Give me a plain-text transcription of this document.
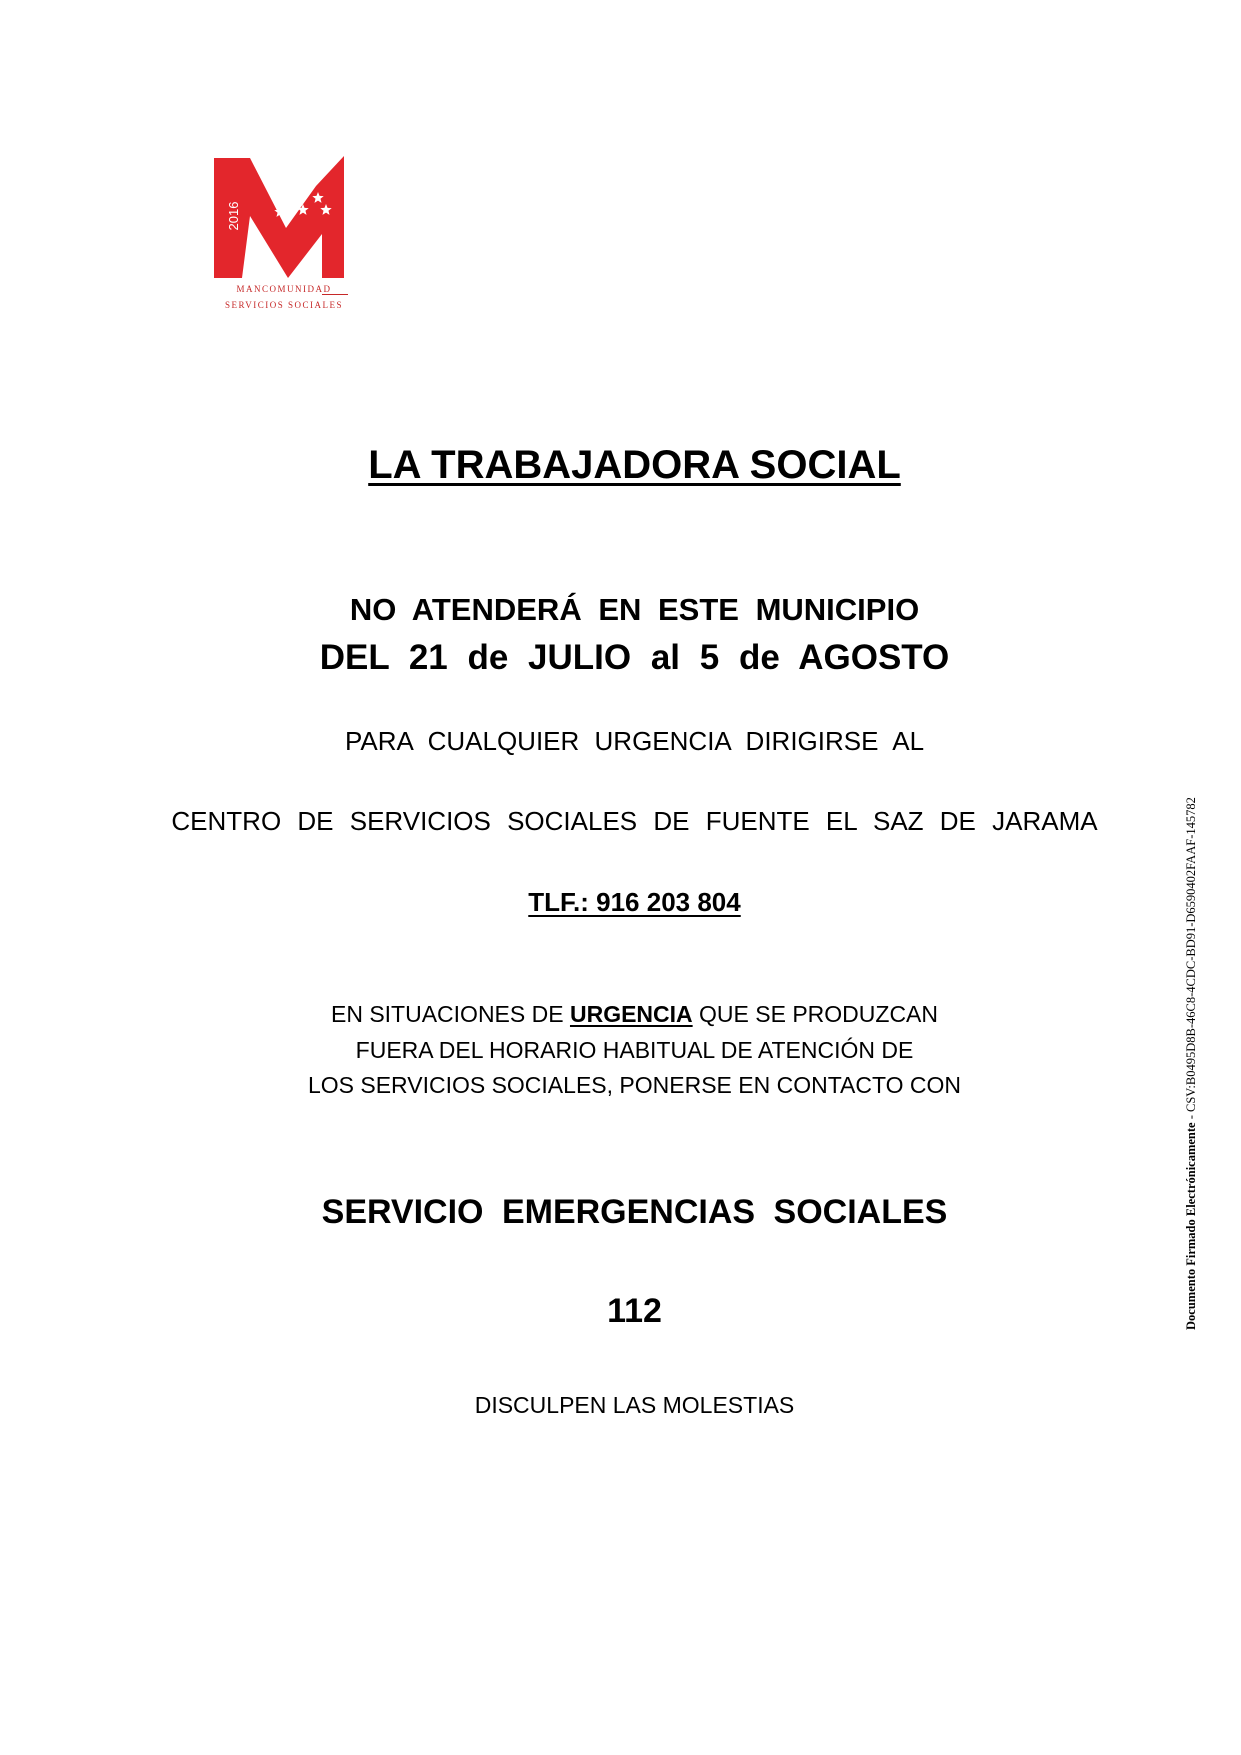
2016
MANCOMUNIDAD
SERVICIOS SOCIALES
LA TRABAJADORA SOCIAL
NO ATENDERÁ EN ESTE MUNICIPIO
DEL 21 de JULIO al 5 de AGOSTO
PARA CUALQUIER URGENCIA DIRIGIRSE AL
CENTRO DE SERVICIOS SOCIALES DE FUENTE EL SAZ DE JARAMA
TLF.: 916 203 804
EN SITUACIONES DE URGENCIA QUE SE PRODUZCAN
FUERA DEL HORARIO HABITUAL DE ATENCIÓN DE
LOS SERVICIOS SOCIALES, PONERSE EN CONTACTO CON
SERVICIO EMERGENCIAS SOCIALES
112
DISCULPEN LAS MOLESTIAS
Documento Firmado Electrónicamente - CSV:B0495D8B-46C8-4CDC-BD91-D6590402FAAF-145782
